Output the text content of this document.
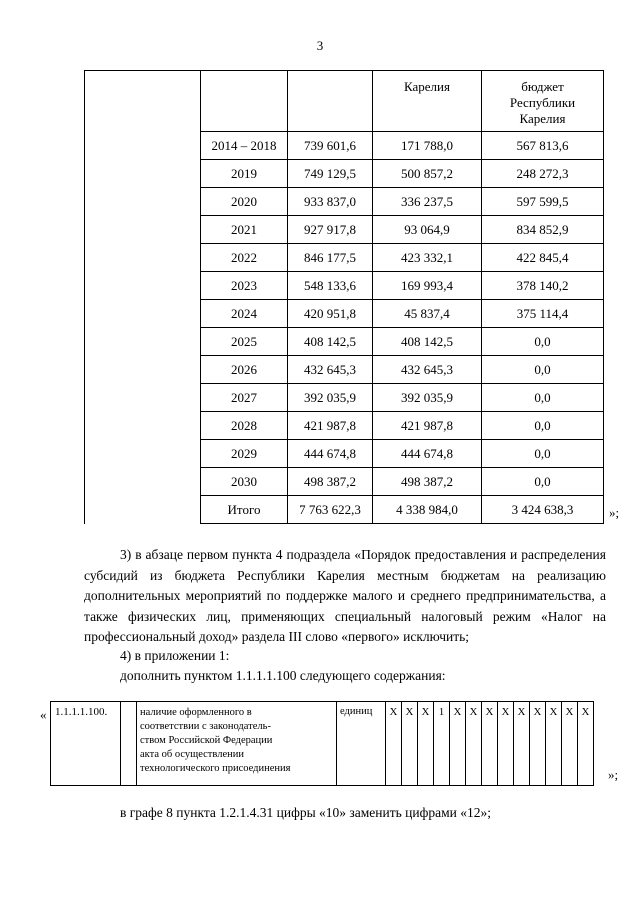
3
			Карелия	бюджет
Республики
Карелия
	2014 – 2018	739 601,6	171 788,0	567 813,6
	2019	749 129,5	500 857,2	248 272,3
	2020	933 837,0	336 237,5	597 599,5
	2021	927 917,8	93 064,9	834 852,9
	2022	846 177,5	423 332,1	422 845,4
	2023	548 133,6	169 993,4	378 140,2
	2024	420 951,8	45 837,4	375 114,4
	2025	408 142,5	408 142,5	0,0
	2026	432 645,3	432 645,3	0,0
	2027	392 035,9	392 035,9	0,0
	2028	421 987,8	421 987,8	0,0
	2029	444 674,8	444 674,8	0,0
	2030	498 387,2	498 387,2	0,0
	Итого	7 763 622,3	4 338 984,0	3 424 638,3	»;
3) в абзаце первом пункта 4 подраздела «Порядок предоставления и распределения субсидий из бюджета Республики Карелия местным бюджетам на реализацию дополнительных мероприятий по поддержке малого и среднего предпринимательства, а также физических лиц, применяющих специальный налоговый режим «Налог на профессиональный доход» раздела III слово «первого» исключить;
4) в приложении 1:
дополнить пунктом 1.1.1.1.100 следующего содержания:
« 1.1.1.1.100.		наличие оформленного в
соответствии с законодатель-
ством Российской Федерации
акта об осуществлении
технологического присоединения	единиц	X	X	X	1	X	X	X	X	X	X	X	X	X
»;
в графе 8 пункта 1.2.1.4.31 цифры «10» заменить цифрами «12»;
